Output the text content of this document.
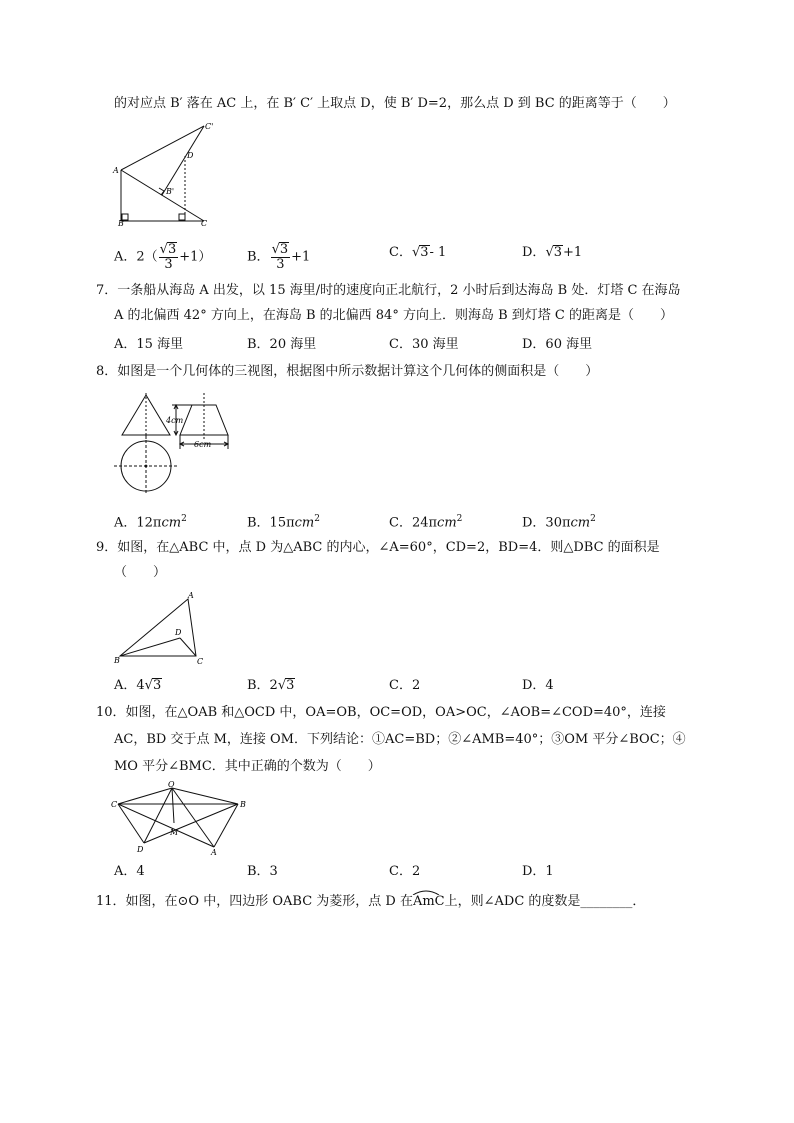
的对应点 B′ 落在 AC 上，在 B′ C′ 上取点 D，使 B′ D=2，那么点 D 到 BC 的距离等于（　　）
C'
D
A
B'
B	C
A．$2( \frac{√3}{3} +1)$	B． $\frac{√3}{3} +1$	C．√3- 1	D．√3+1
7．一条船从海岛 A 出发，以 15 海里/时的速度向正北航行，2 小时后到达海岛 B 处．灯塔 C 在海岛
A 的北偏西 42° 方向上，在海岛 B 的北偏西 84° 方向上．则海岛 B 到灯塔 C 的距离是（　　）
A．15 海里	B．20 海里	C．30 海里	D．60 海里
8．如图是一个几何体的三视图，根据图中所示数据计算这个几何体的侧面积是（　　）
4cm
6cm
A．12πcm$^2$	B．15πcm$^2$	C．24πcm$^2$	D．30πcm$^2$
9．如图，在△ABC 中，点 D 为△ABC 的内心，∠A=60°，CD=2，BD=4．则△DBC 的面积是
（　　）
A
D
B	C
A．4√3	B．2√3	C．2	D．4
10．如图，在△OAB 和△OCD 中，OA=OB，OC=OD，OA>OC，∠AOB=∠COD=40°，连接
AC，BD 交于点 M，连接 OM．下列结论：①AC=BD；②∠AMB=40°；③OM 平分∠BOC；④
MO 平分∠BMC．其中正确的个数为（　　）
O
C	B
D
M
A
A．4	B．3	C．2	D．1
11．如图，在⊙O 中，四边形 OABC 为菱形，点 D 在
AmC上，则∠ADC 的度数是________．
